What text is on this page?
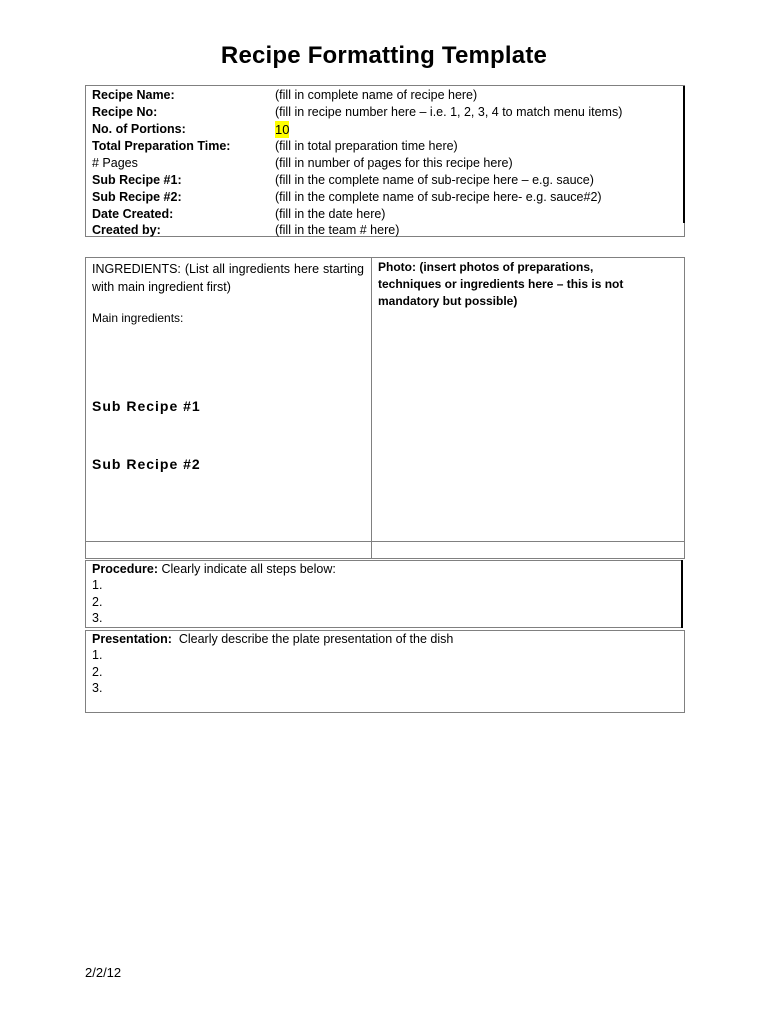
Recipe Formatting Template
Recipe Name:	(fill in complete name of recipe here)
Recipe No:	(fill in recipe number here – i.e. 1, 2, 3, 4 to match menu items)
No. of Portions:	10
Total Preparation Time:	(fill in total preparation time here)
# Pages	(fill in number of pages for this recipe here)
Sub Recipe #1:	(fill in the complete name of sub-recipe here – e.g. sauce)
Sub Recipe #2:	(fill in the complete name of sub-recipe here- e.g. sauce#2)
Date Created:	(fill in the date here)
Created by:	(fill in the team # here)
INGREDIENTS: (List all ingredients here starting with main ingredient first)
Main ingredients:
Sub Recipe #1
Sub Recipe #2
Photo: (insert photos of preparations, techniques or ingredients here – this is not mandatory but possible)
Procedure: Clearly indicate all steps below:
1.
2.
3.
Presentation:  Clearly describe the plate presentation of the dish
1.
2.
3.
2/2/12
